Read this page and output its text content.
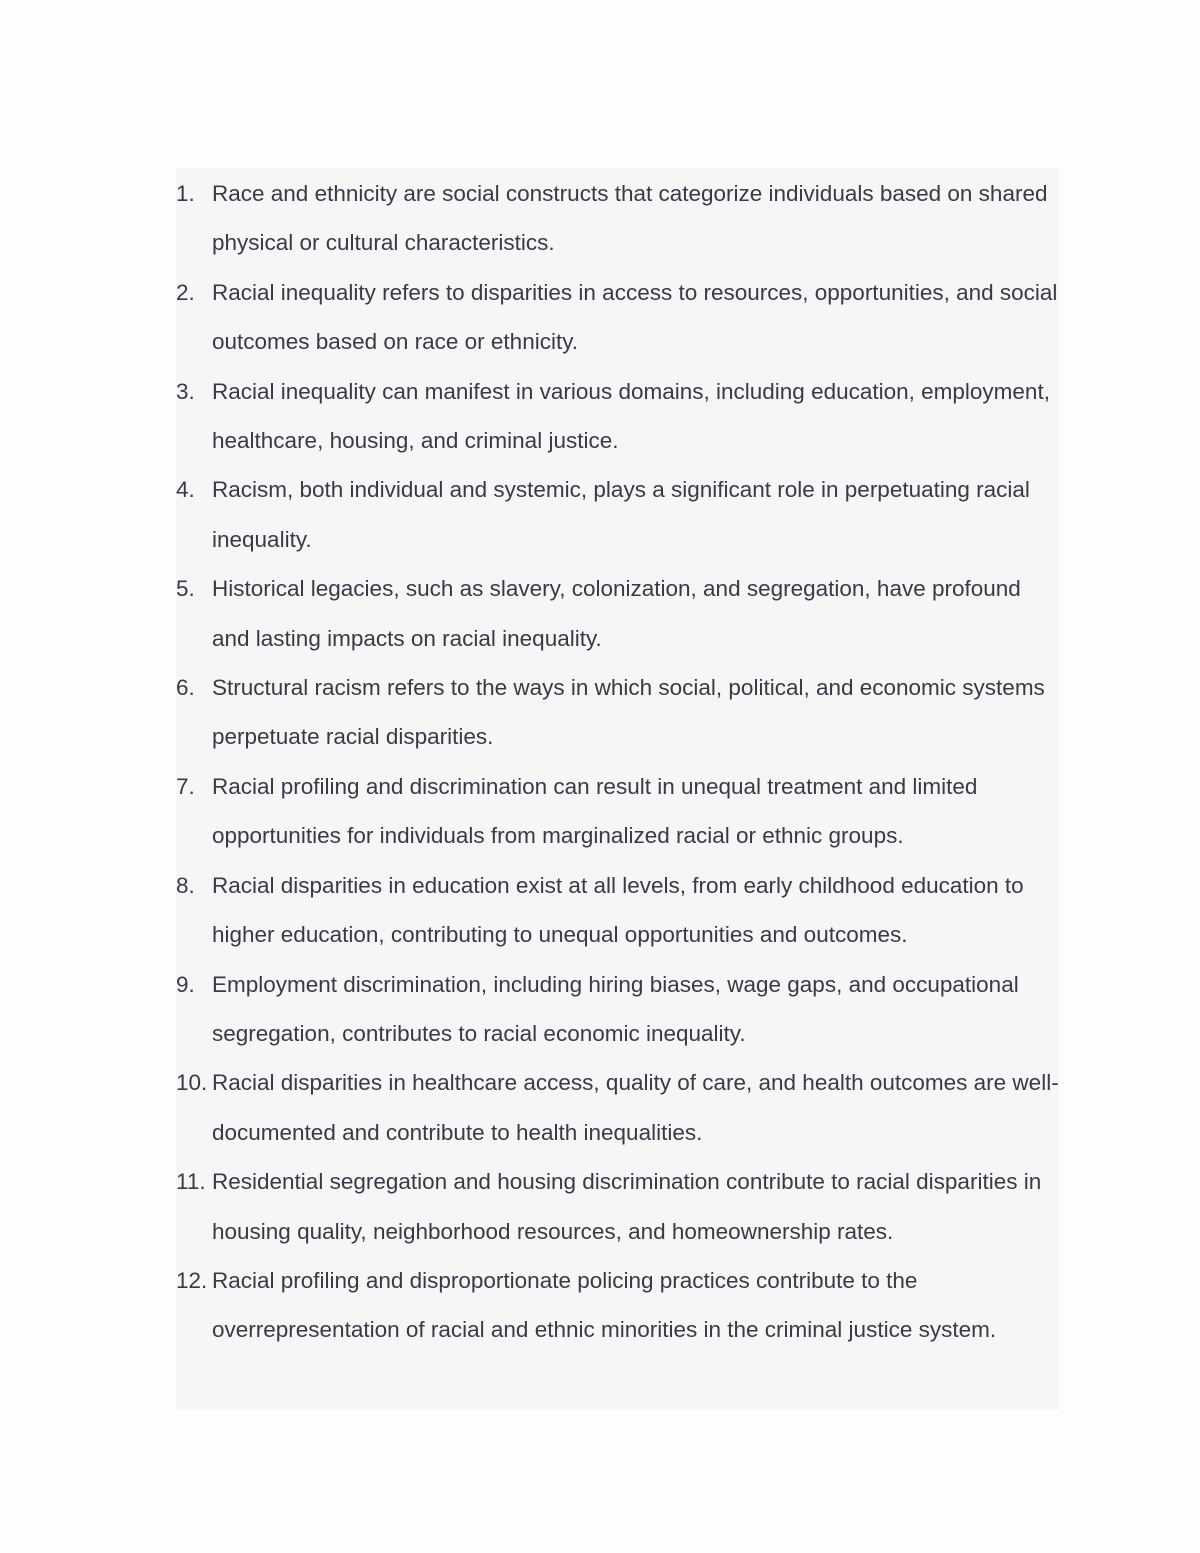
1. Race and ethnicity are social constructs that categorize individuals based on shared physical or cultural characteristics.
2. Racial inequality refers to disparities in access to resources, opportunities, and social outcomes based on race or ethnicity.
3. Racial inequality can manifest in various domains, including education, employment, healthcare, housing, and criminal justice.
4. Racism, both individual and systemic, plays a significant role in perpetuating racial inequality.
5. Historical legacies, such as slavery, colonization, and segregation, have profound and lasting impacts on racial inequality.
6. Structural racism refers to the ways in which social, political, and economic systems perpetuate racial disparities.
7. Racial profiling and discrimination can result in unequal treatment and limited opportunities for individuals from marginalized racial or ethnic groups.
8. Racial disparities in education exist at all levels, from early childhood education to higher education, contributing to unequal opportunities and outcomes.
9. Employment discrimination, including hiring biases, wage gaps, and occupational segregation, contributes to racial economic inequality.
10. Racial disparities in healthcare access, quality of care, and health outcomes are well-documented and contribute to health inequalities.
11. Residential segregation and housing discrimination contribute to racial disparities in housing quality, neighborhood resources, and homeownership rates.
12. Racial profiling and disproportionate policing practices contribute to the overrepresentation of racial and ethnic minorities in the criminal justice system.
